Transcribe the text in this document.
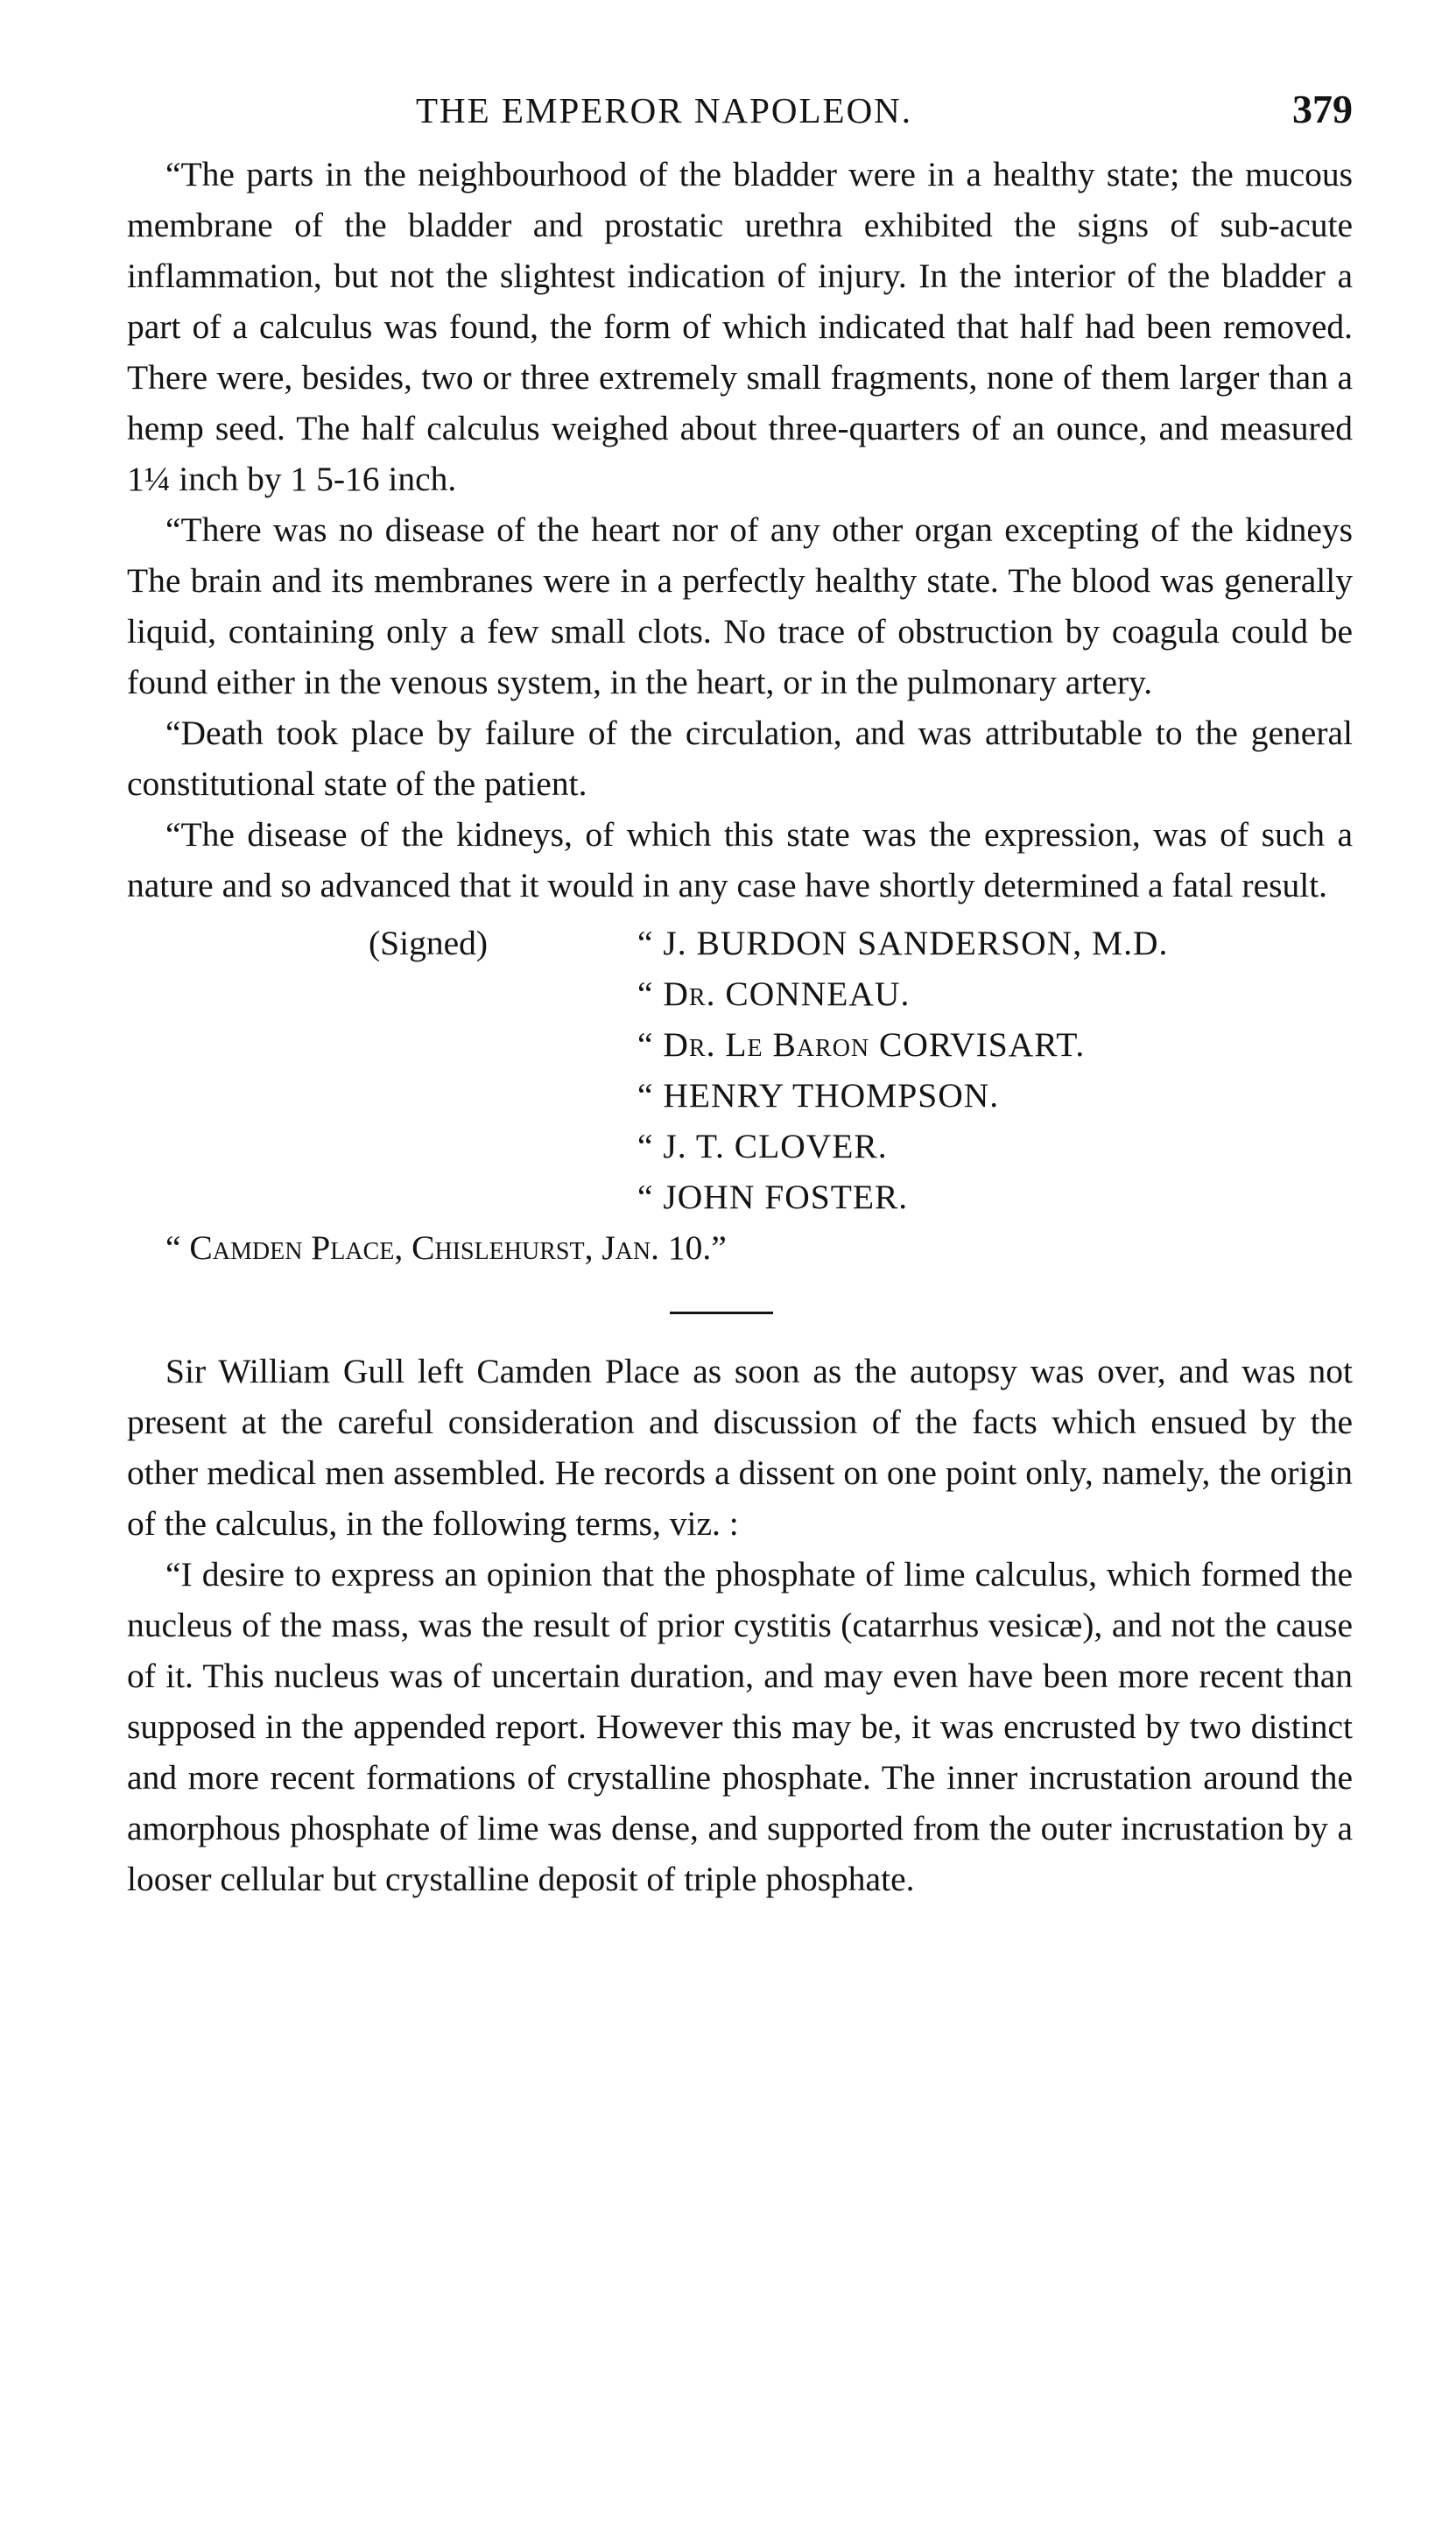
THE EMPEROR NAPOLEON.	379

“The parts in the neighbourhood of the bladder were in a healthy state; the mucous membrane of the bladder and prostatic urethra exhibited the signs of sub-acute inflammation, but not the slightest indication of injury. In the interior of the bladder a part of a calculus was found, the form of which indicated that half had been removed. There were, besides, two or three extremely small fragments, none of them larger than a hemp seed. The half calculus weighed about three-quarters of an ounce, and measured 1¼ inch by 1 5-16 inch.

“There was no disease of the heart nor of any other organ excepting of the kidneys The brain and its membranes were in a perfectly healthy state. The blood was generally liquid, containing only a few small clots. No trace of obstruction by coagula could be found either in the venous system, in the heart, or in the pulmonary artery.

“Death took place by failure of the circulation, and was attributable to the general constitutional state of the patient.

“The disease of the kidneys, of which this state was the expression, was of such a nature and so advanced that it would in any case have shortly determined a fatal result.

(Signed)	“ J. BURDON SANDERSON, M.D.
“ Dr. CONNEAU.
“ Dr. Le Baron CORVISART.
“ HENRY THOMPSON.
“ J. T. CLOVER.
“ JOHN FOSTER.

“ Camden Place, Chislehurst, Jan. 10.”

Sir William Gull left Camden Place as soon as the autopsy was over, and was not present at the careful consideration and discussion of the facts which ensued by the other medical men assembled. He records a dissent on one point only, namely, the origin of the calculus, in the following terms, viz. :

“I desire to express an opinion that the phosphate of lime calculus, which formed the nucleus of the mass, was the result of prior cystitis (catarrhus vesicæ), and not the cause of it. This nucleus was of uncertain duration, and may even have been more recent than supposed in the appended report. However this may be, it was encrusted by two distinct and more recent formations of crystalline phosphate. The inner incrustation around the amorphous phosphate of lime was dense, and supported from the outer incrustation by a looser cellular but crystalline deposit of triple phosphate.
